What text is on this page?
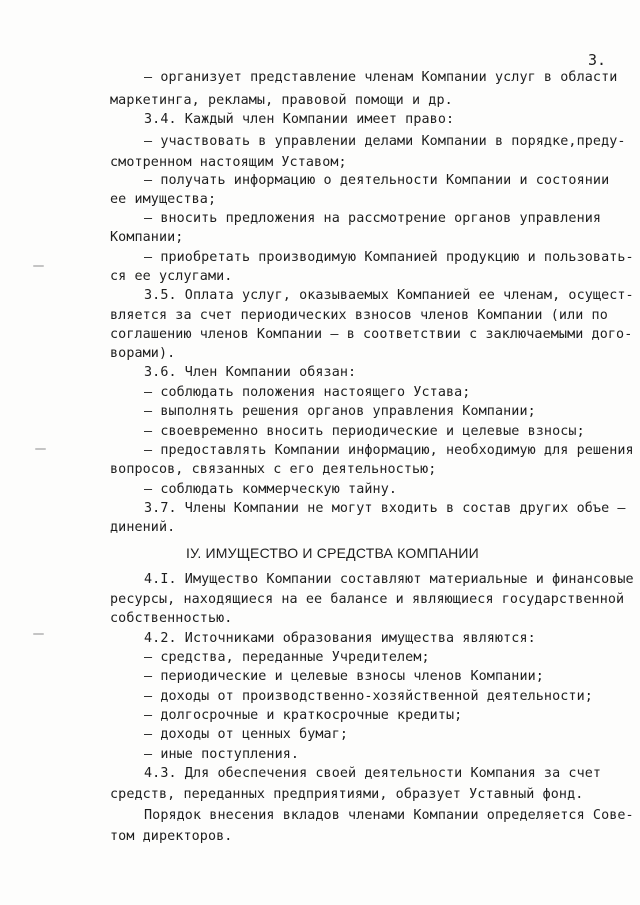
3.
– организует представление членам Компании услуг в области
маркетинга, рекламы, правовой помощи и др.
3.4. Каждый член Компании имеет право:
– участвовать в управлении делами Компании в порядке,преду-
смотренном настоящим Уставом;
– получать информацию о деятельности Компании и состоянии
ее имущества;
– вносить предложения на рассмотрение органов управления
Компании;
– приобретать производимую Компанией продукцию и пользовать-
ся ее услугами.
3.5. Оплата услуг, оказываемых Компанией ее членам, осущест-
вляется за счет периодических взносов членов Компании (или по
соглашению членов Компании – в соответствии с заключаемыми дого-
ворами).
3.6. Член Компании обязан:
– соблюдать положения настоящего Устава;
– выполнять решения органов управления Компании;
– своевременно вносить периодические и целевые взносы;
– предоставлять Компании информацию, необходимую для решения
вопросов, связанных с его деятельностью;
– соблюдать коммерческую тайну.
3.7. Члены Компании не могут входить в состав других объе –
динений.
IУ. ИМУЩЕСТВО И СРЕДСТВА КОМПАНИИ
4.I. Имущество Компании составляют материальные и финансовые
ресурсы, находящиеся на ее балансе и являющиеся государственной
собственностью.
4.2. Источниками образования имущества являются:
– средства, переданные Учредителем;
– периодические и целевые взносы членов Компании;
– доходы от производственно-хозяйственной деятельности;
– долгосрочные и краткосрочные кредиты;
– доходы от ценных бумаг;
– иные поступления.
4.3. Для обеспечения своей деятельности Компания за счет
средств, переданных предприятиями, образует Уставный фонд.
Порядок внесения вкладов членами Компании определяется Сове-
том директоров.
